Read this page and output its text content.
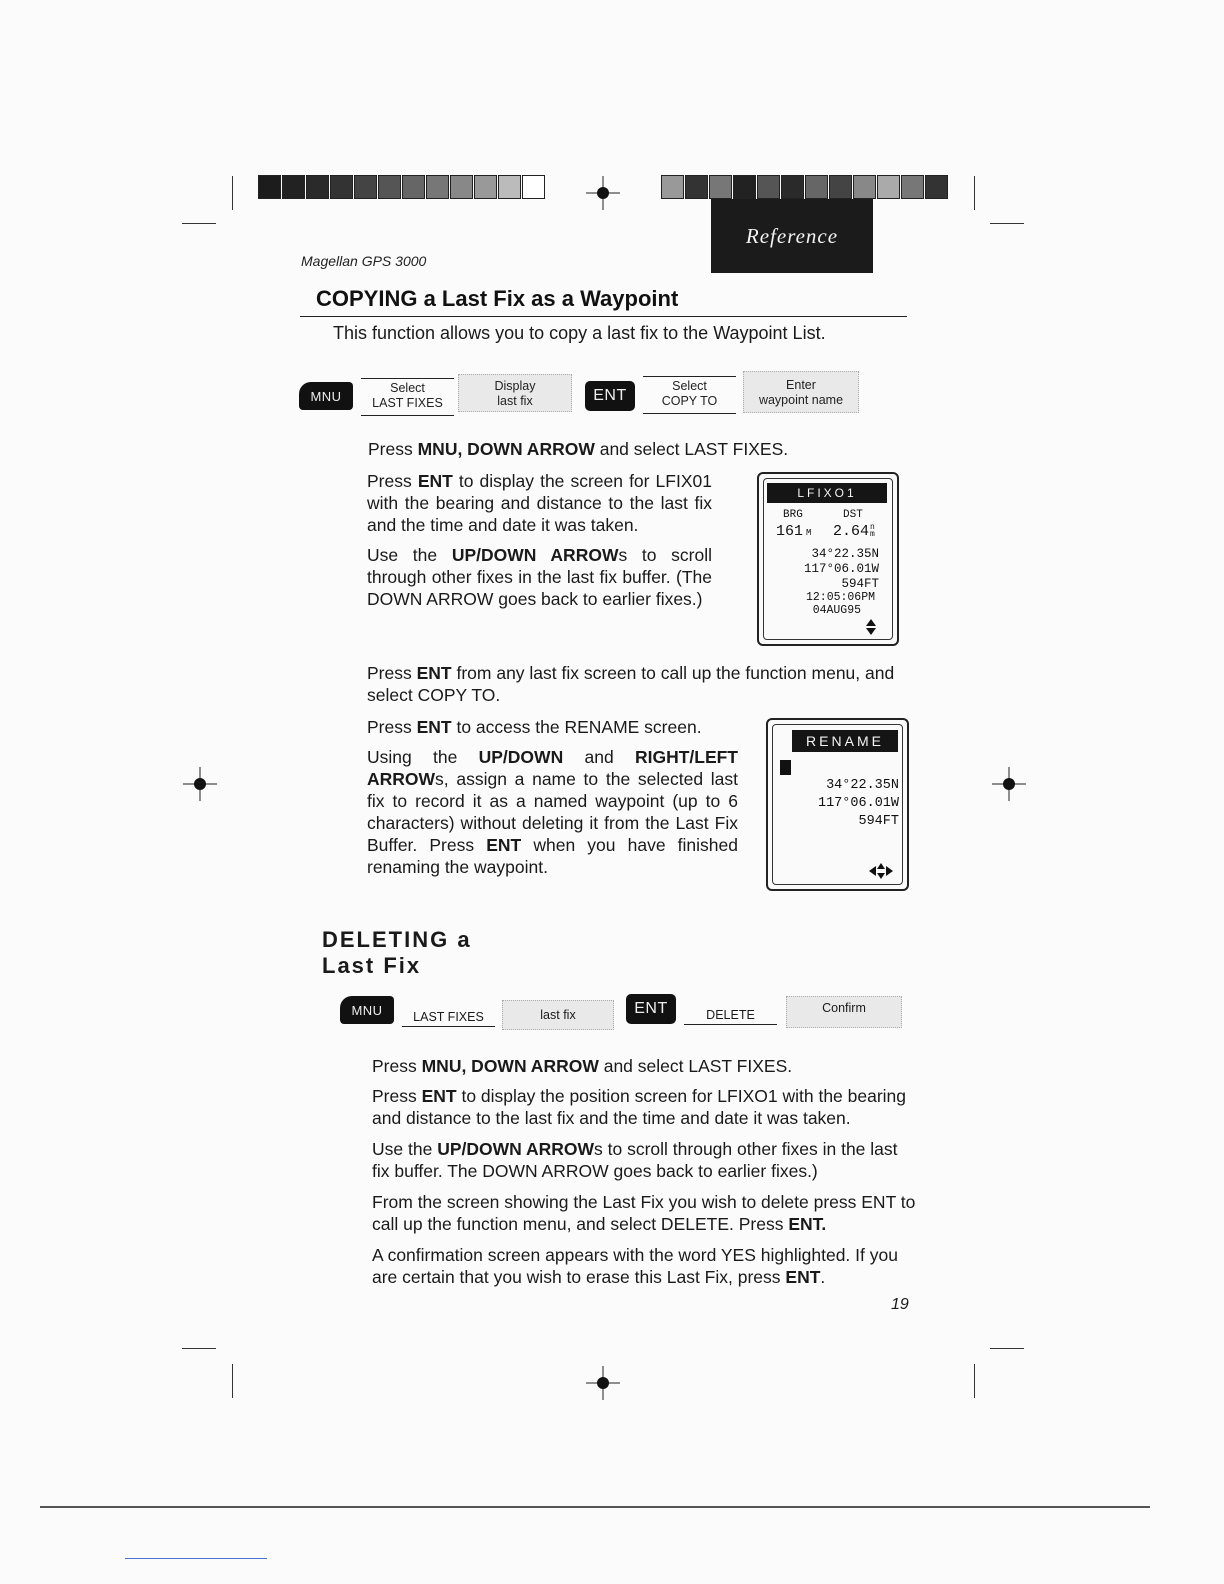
Reference
Magellan GPS 3000
COPYING a Last Fix as a Waypoint
This function allows you to copy a last fix to the Waypoint List.
MNU
Select
LAST FIXES
Display
last fix	ENT
Select
COPY TO
Enter
waypoint name
Press MNU, DOWN ARROW and select LAST FIXES.
Press ENT to display the screen for LFIX01 with the bearing and distance to the last fix and the time and date it was taken.
Use the UP/DOWN ARROWs to scroll through other fixes in the last fix buffer. (The DOWN ARROW goes back to earlier fixes.)
LFIXO1
BRG	DST
161 M 2.64n
m
34°22.35N
117°06.01W
594FT
12:05:06PM
04AUG95
Press ENT from any last fix screen to call up the function menu, and select COPY TO.
Press ENT to access the RENAME screen.
Using the UP/DOWN and RIGHT/LEFT ARROWs, assign a name to the selected last fix to record it as a named waypoint (up to 6 characters) without deleting it from the Last Fix Buffer. Press ENT when you have finished renaming the waypoint.
RENAME
34°22.35N
117°06.01W
594FT
DELETING a Last Fix
MNU	LAST FIXES	last fix	ENT	DELETE	Confirm
Press MNU, DOWN ARROW and select LAST FIXES.
Press ENT to display the position screen for LFIXO1 with the bearing and distance to the last fix and the time and date it was taken.
Use the UP/DOWN ARROWs to scroll through other fixes in the last fix buffer. The DOWN ARROW goes back to earlier fixes.)
From the screen showing the Last Fix you wish to delete press ENT to call up the function menu, and select DELETE. Press ENT.
A confirmation screen appears with the word YES highlighted. If you are certain that you wish to erase this Last Fix, press ENT.
19
